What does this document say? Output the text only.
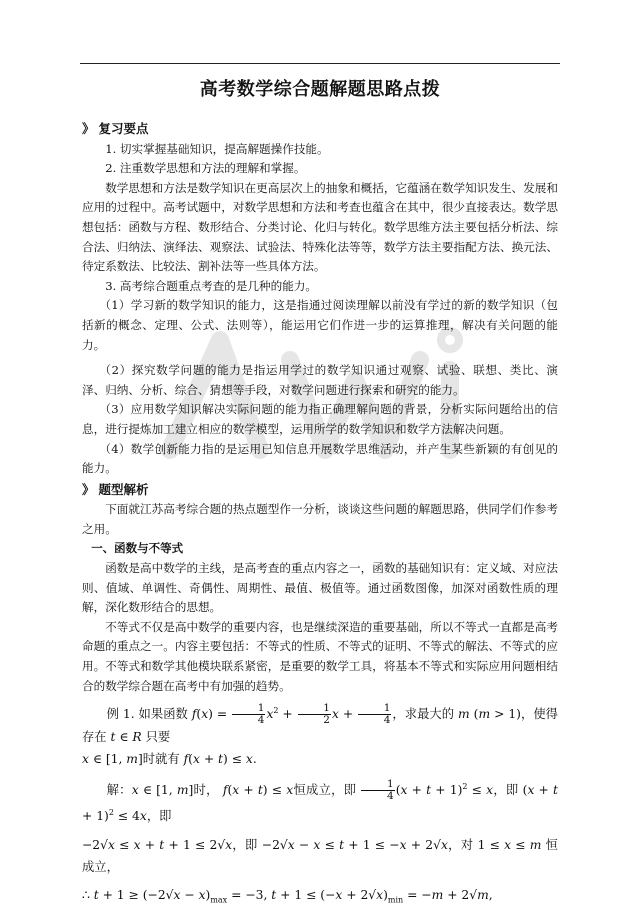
高考数学综合题解题思路点拨
》 复习要点

1. 切实掌握基础知识，提高解题操作技能。

2. 注重数学思想和方法的理解和掌握。

数学思想和方法是数学知识在更高层次上的抽象和概括，它蕴涵在数学知识发生、发展和应用的过程中。高考试题中，对数学思想和方法和考查也蕴含在其中，很少直接表达。数学思想包括：函数与方程、数形结合、分类讨论、化归与转化。数学思维方法主要包括分析法、综合法、归纳法、演绎法、观察法、试验法、特殊化法等等，数学方法主要指配方法、换元法、待定系数法、比较法、割补法等一些具体方法。

3. 高考综合题重点考查的是几种的能力。

（1）学习新的数学知识的能力，这是指通过阅读理解以前没有学过的新的数学知识（包括新的概念、定理、公式、法则等），能运用它们作进一步的运算推理，解决有关问题的能力。

（2）探究数学问题的能力是指运用学过的数学知识通过观察、试验、联想、类比、演泽、归纳、分析、综合、猜想等手段，对数学问题进行探索和研究的能力。

（3）应用数学知识解决实际问题的能力指正确理解问题的背景，分析实际问题给出的信息，进行提炼加工建立相应的数学模型，运用所学的数学知识和数学方法解决问题。

（4）数学创新能力指的是运用已知信息开展数学思维活动，并产生某些新颖的有创见的能力。

》 题型解析

下面就江苏高考综合题的热点题型作一分析，谈谈这些问题的解题思路，供同学们作参考之用。

一、函数与不等式

函数是高中数学的主线，是高考查的重点内容之一，函数的基础知识有：定义域、对应法则、值域、单调性、奇偶性、周期性、最值、极值等。通过函数图像，加深对函数性质的理解，深化数形结合的思想。

不等式不仅是高中数学的重要内容，也是继续深造的重要基础，所以不等式一直都是高考命题的重点之一。内容主要包括：不等式的性质、不等式的证明、不等式的解法、不等式的应用。不等式和数学其他模块联系紧密，是重要的数学工具，将基本不等式和实际应用问题相结合的数学综合题在高考中有加强的趋势。

例 1. 如果函数 $f(x) = \frac{1}{4} x^2 + \frac{1}{2}$ $x + \frac{1}{4}$ ，求最大的 m (m > 1)，使得存在 t ∈ R 只要

x ∈ [1, m]时就有 f(x + t) ≤ x.

解：x ∈ [1, m]时， f(x + t) ≤ x恒成立，即 $\frac{1}{4} (x + t + 1)^2 \le x$，即 $(x + t + 1)^2 \le 4x$，即

−2√x ≤ x + t + 1 ≤ 2√x，即 −2√x − x ≤ t + 1 ≤ −x + 2√x，对 1 ≤ x ≤ m 恒成立，

∴ $t + 1 \ge (-2√x - x)_{max} = -3$, $t + 1 \le (-x + 2√x)_{min} = -m + 2√m$,
